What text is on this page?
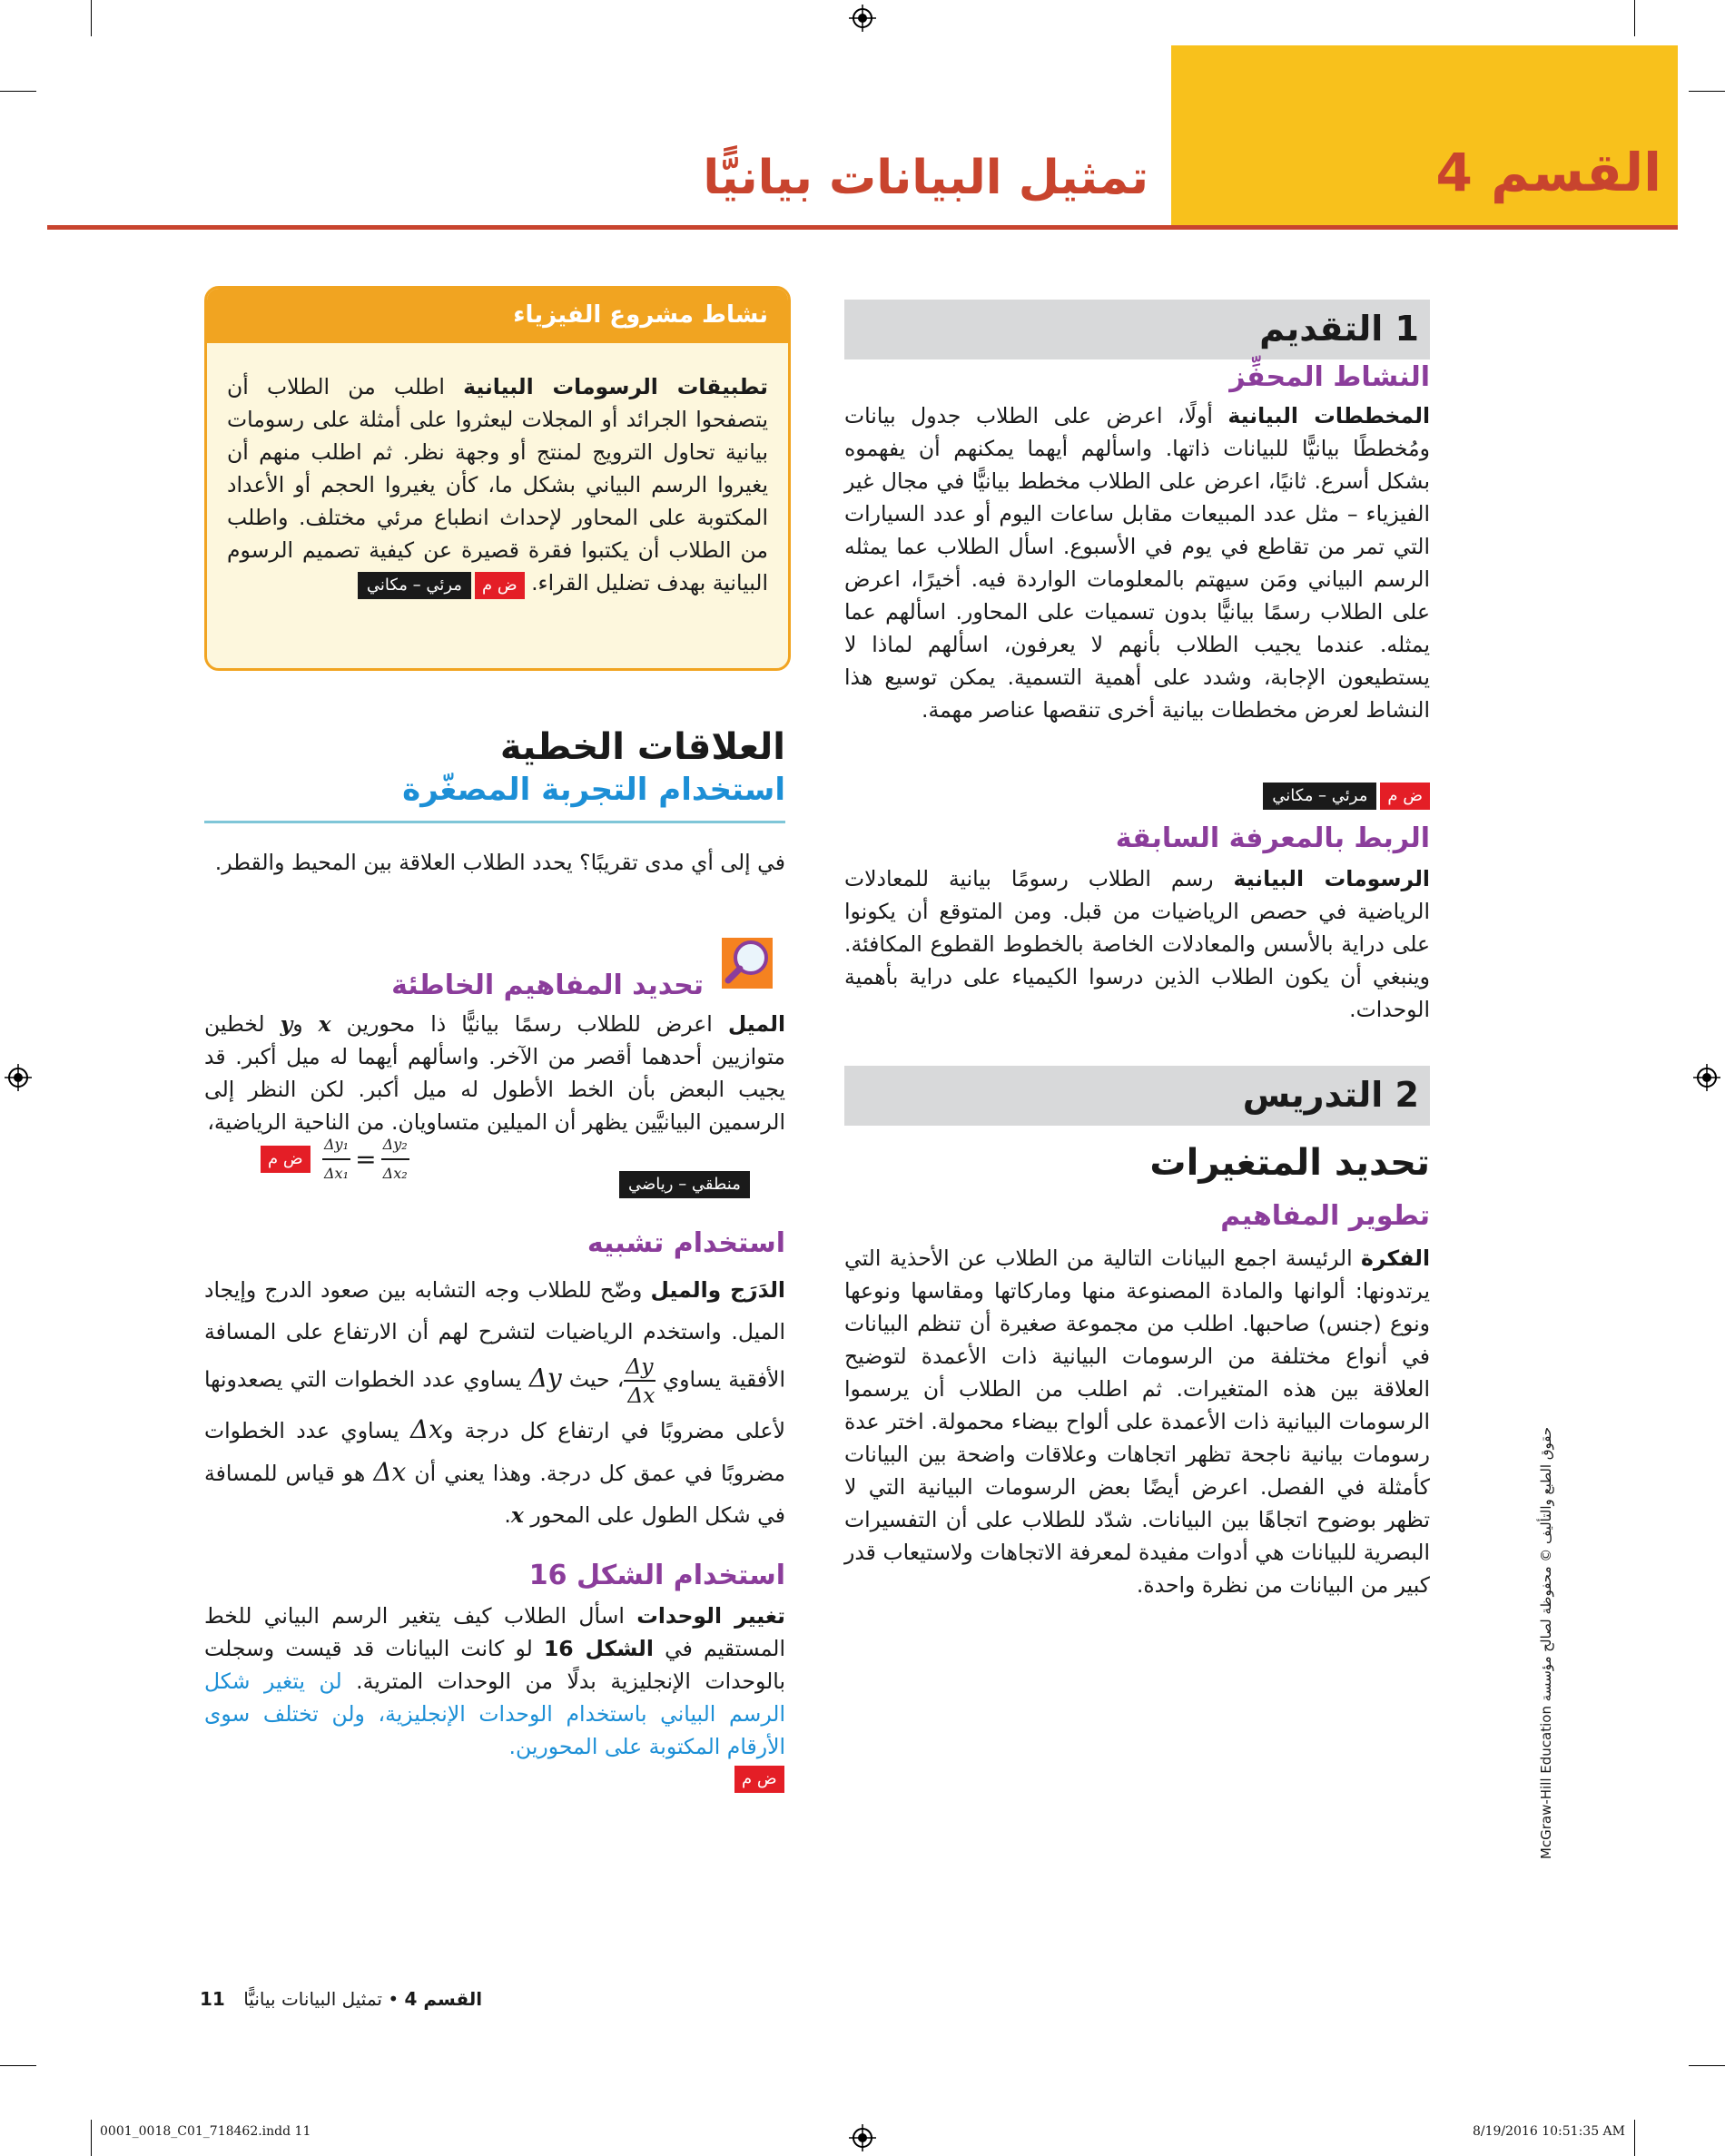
القسم 4
تمثيل البيانات بيانيًّا
1 التقديم
النشاط المحفِّز
المخططات البيانية أولًا، اعرض على الطلاب جدول بيانات ومُخططًا بيانيًّا للبيانات ذاتها. واسألهم أيهما يمكنهم أن يفهموه بشكل أسرع. ثانيًا، اعرض على الطلاب مخطط بيانيًّا في مجال غير الفيزياء – مثل عدد المبيعات مقابل ساعات اليوم أو عدد السيارات التي تمر من تقاطع في يوم في الأسبوع. اسأل الطلاب عما يمثله الرسم البياني ومَن سيهتم بالمعلومات الواردة فيه. أخيرًا، اعرض على الطلاب رسمًا بيانيًّا بدون تسميات على المحاور. اسألهم عما يمثله. عندما يجيب الطلاب بأنهم لا يعرفون، اسألهم لماذا لا يستطيعون الإجابة، وشدد على أهمية التسمية. يمكن توسيع هذا النشاط لعرض مخططات بيانية أخرى تنقصها عناصر مهمة.
ض ممرئي – مكاني
الربط بالمعرفة السابقة
الرسومات البيانية رسم الطلاب رسومًا بيانية للمعادلات الرياضية في حصص الرياضيات من قبل. ومن المتوقع أن يكونوا على دراية بالأسس والمعادلات الخاصة بالخطوط القطوع المكافئة. وينبغي أن يكون الطلاب الذين درسوا الكيمياء على دراية بأهمية الوحدات.
2 التدريس
تحديد المتغيرات
تطوير المفاهيم
الفكرة الرئيسة اجمع البيانات التالية من الطلاب عن الأحذية التي يرتدونها: ألوانها والمادة المصنوعة منها وماركاتها ومقاسها ونوعها ونوع (جنس) صاحبها. اطلب من مجموعة صغيرة أن تنظم البيانات في أنواع مختلفة من الرسومات البيانية ذات الأعمدة لتوضيح العلاقة بين هذه المتغيرات. ثم اطلب من الطلاب أن يرسموا الرسومات البيانية ذات الأعمدة على ألواح بيضاء محمولة. اختر عدة رسومات بيانية ناجحة تظهر اتجاهات وعلاقات واضحة بين البيانات كأمثلة في الفصل. اعرض أيضًا بعض الرسومات البيانية التي لا تظهر بوضوح اتجاهًا بين البيانات. شدّد للطلاب على أن التفسيرات البصرية للبيانات هي أدوات مفيدة لمعرفة الاتجاهات ولاستيعاب قدر كبير من البيانات من نظرة واحدة.
حقوق الطبع والتأليف © محفوظة لصالح مؤسسة McGraw-Hill Education
نشاط مشروع الفيزياء
تطبيقات الرسومات البيانية اطلب من الطلاب أن يتصفحوا الجرائد أو المجلات ليعثروا على أمثلة على رسومات بيانية تحاول الترويج لمنتج أو وجهة نظر. ثم اطلب منهم أن يغيروا الرسم البياني بشكل ما، كأن يغيروا الحجم أو الأعداد المكتوبة على المحاور لإحداث انطباع مرئي مختلف. واطلب من الطلاب أن يكتبوا فقرة قصيرة عن كيفية تصميم الرسوم البيانية بهدف تضليل القراء. ض ممرئي – مكاني
العلاقات الخطية
استخدام التجربة المصغّرة
في إلى أي مدى تقريبًا؟ يحدد الطلاب العلاقة بين المحيط والقطر.
تحديد المفاهيم الخاطئة
الميل اعرض للطلاب رسمًا بيانيًّا ذا محورين x وy لخطين متوازيين أحدهما أقصر من الآخر. واسألهم أيهما له ميل أكبر. قد يجيب البعض بأن الخط الأطول له ميل أكبر. لكن النظر إلى الرسمين البيانيَّين يظهر أن الميلين متساويان. من الناحية الرياضية،
$\frac{\text{Δy₁}}{\text{Δx₁}} = \frac{\text{Δy₂}}{\text{Δx₂}}$
ض م
منطقي – رياضي
استخدام تشبيه
الدَرَج والميل وضّح للطلاب وجه التشابه بين صعود الدرج وإيجاد الميل. واستخدم الرياضيات لتشرح لهم أن الارتفاع على المسافة الأفقية يساوي
$\frac{\Delta y}{\Delta x}$
، حيث Δy يساوي عدد الخطوات التي يصعدونها لأعلى مضروبًا في ارتفاع كل درجة وΔx يساوي عدد الخطوات مضروبًا في عمق كل درجة. وهذا يعني أن Δx هو قياس للمسافة في شكل الطول على المحور x.
استخدام الشكل 16
تغيير الوحدات اسأل الطلاب كيف يتغير الرسم البياني للخط المستقيم في الشكل 16 لو كانت البيانات قد قيست وسجلت بالوحدات الإنجليزية بدلًا من الوحدات المترية. لن يتغير شكل الرسم البياني باستخدام الوحدات الإنجليزية، ولن تختلف سوى الأرقام المكتوبة على المحورين.
ض م
القسم 4 • تمثيل البيانات بيانيًّا 11
0001_0018_C01_718462.indd 11	8/19/2016 10:51:35 AM
